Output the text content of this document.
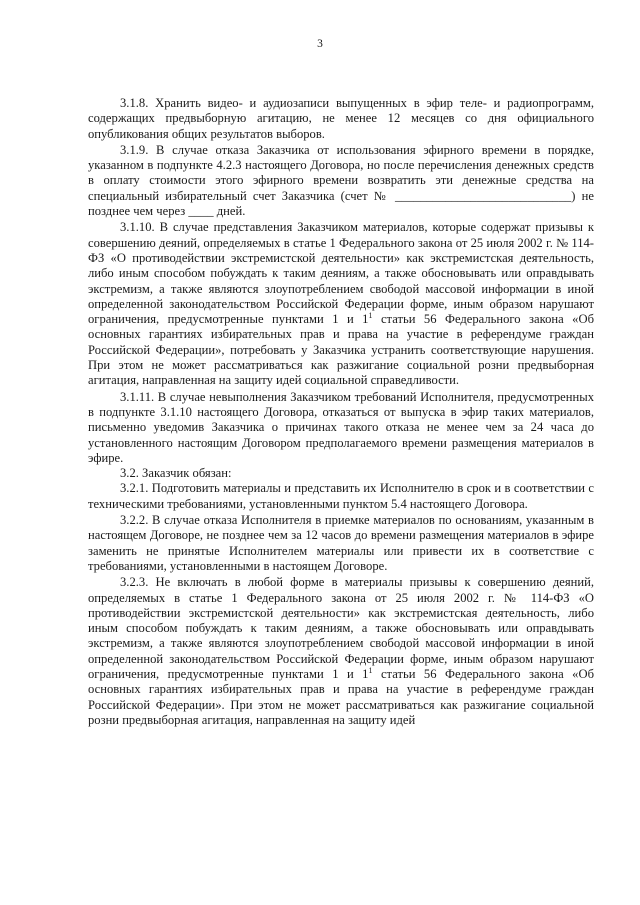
3

3.1.8. Хранить видео- и аудиозаписи выпущенных в эфир теле- и радиопрограмм, содержащих предвыборную агитацию, не менее 12 месяцев со дня официального опубликования общих результатов выборов.

3.1.9. В случае отказа Заказчика от использования эфирного времени в порядке, указанном в подпункте 4.2.3 настоящего Договора, но после перечисления денежных средств в оплату стоимости этого эфирного времени возвратить эти денежные средства на специальный избирательный счет Заказчика (счет № ____________________________) не позднее чем через ____ дней.

3.1.10. В случае представления Заказчиком материалов, которые содержат призывы к совершению деяний, определяемых в статье 1 Федерального закона от 25 июля 2002 г. № 114-ФЗ «О противодействии экстремистской деятельности» как экстремистская деятельность, либо иным способом побуждать к таким деяниям, а также обосновывать или оправдывать экстремизм, а также являются злоупотреблением свободой массовой информации в иной определенной законодательством Российской Федерации форме, иным образом нарушают ограничения, предусмотренные пунктами 1 и $1^1$ статьи 56 Федерального закона «Об основных гарантиях избирательных прав и права на участие в референдуме граждан Российской Федерации», потребовать у Заказчика устранить соответствующие нарушения. При этом не может рассматриваться как разжигание социальной розни предвыборная агитация, направленная на защиту идей социальной справедливости.

3.1.11. В случае невыполнения Заказчиком требований Исполнителя, предусмотренных в подпункте 3.1.10 настоящего Договора, отказаться от выпуска в эфир таких материалов, письменно уведомив Заказчика о причинах такого отказа не менее чем за 24 часа до установленного настоящим Договором предполагаемого времени размещения материалов в эфире.

3.2. Заказчик обязан:

3.2.1. Подготовить материалы и представить их Исполнителю в срок и в соответствии с техническими требованиями, установленными пунктом 5.4 настоящего Договора.

3.2.2. В случае отказа Исполнителя в приемке материалов по основаниям, указанным в настоящем Договоре, не позднее чем за 12 часов до времени размещения материалов в эфире заменить не принятые Исполнителем материалы или привести их в соответствие с требованиями, установленными в настоящем Договоре.

3.2.3. Не включать в любой форме в материалы призывы к совершению деяний, определяемых в статье 1 Федерального закона от 25 июля 2002 г. № 114-ФЗ «О противодействии экстремистской деятельности» как экстремистская деятельность, либо иным способом побуждать к таким деяниям, а также обосновывать или оправдывать экстремизм, а также являются злоупотреблением свободой массовой информации в иной определенной законодательством Российской Федерации форме, иным образом нарушают ограничения, предусмотренные пунктами 1 и $1^1$ статьи 56 Федерального закона «Об основных гарантиях избирательных прав и права на участие в референдуме граждан Российской Федерации». При этом не может рассматриваться как разжигание социальной розни предвыборная агитация, направленная на защиту идей
